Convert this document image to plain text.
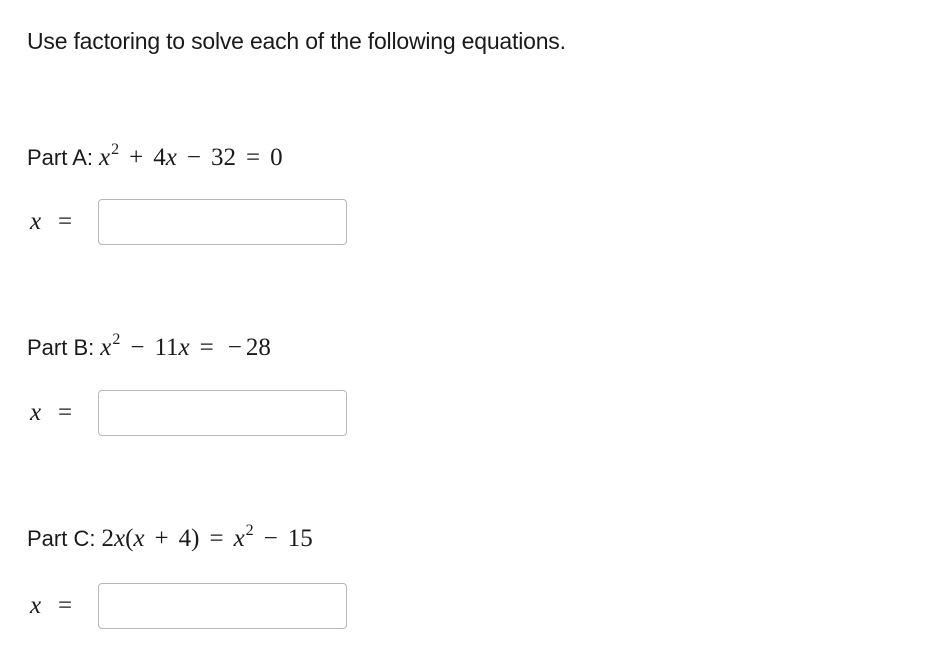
Use factoring to solve each of the following equations.
Part A: $x^2 + 4x - 32 = 0$
x =
Part B: $x^2 - 11x$ = − 28
x =
Part C: $2x(x + 4) = x^2 - 15$
x =
